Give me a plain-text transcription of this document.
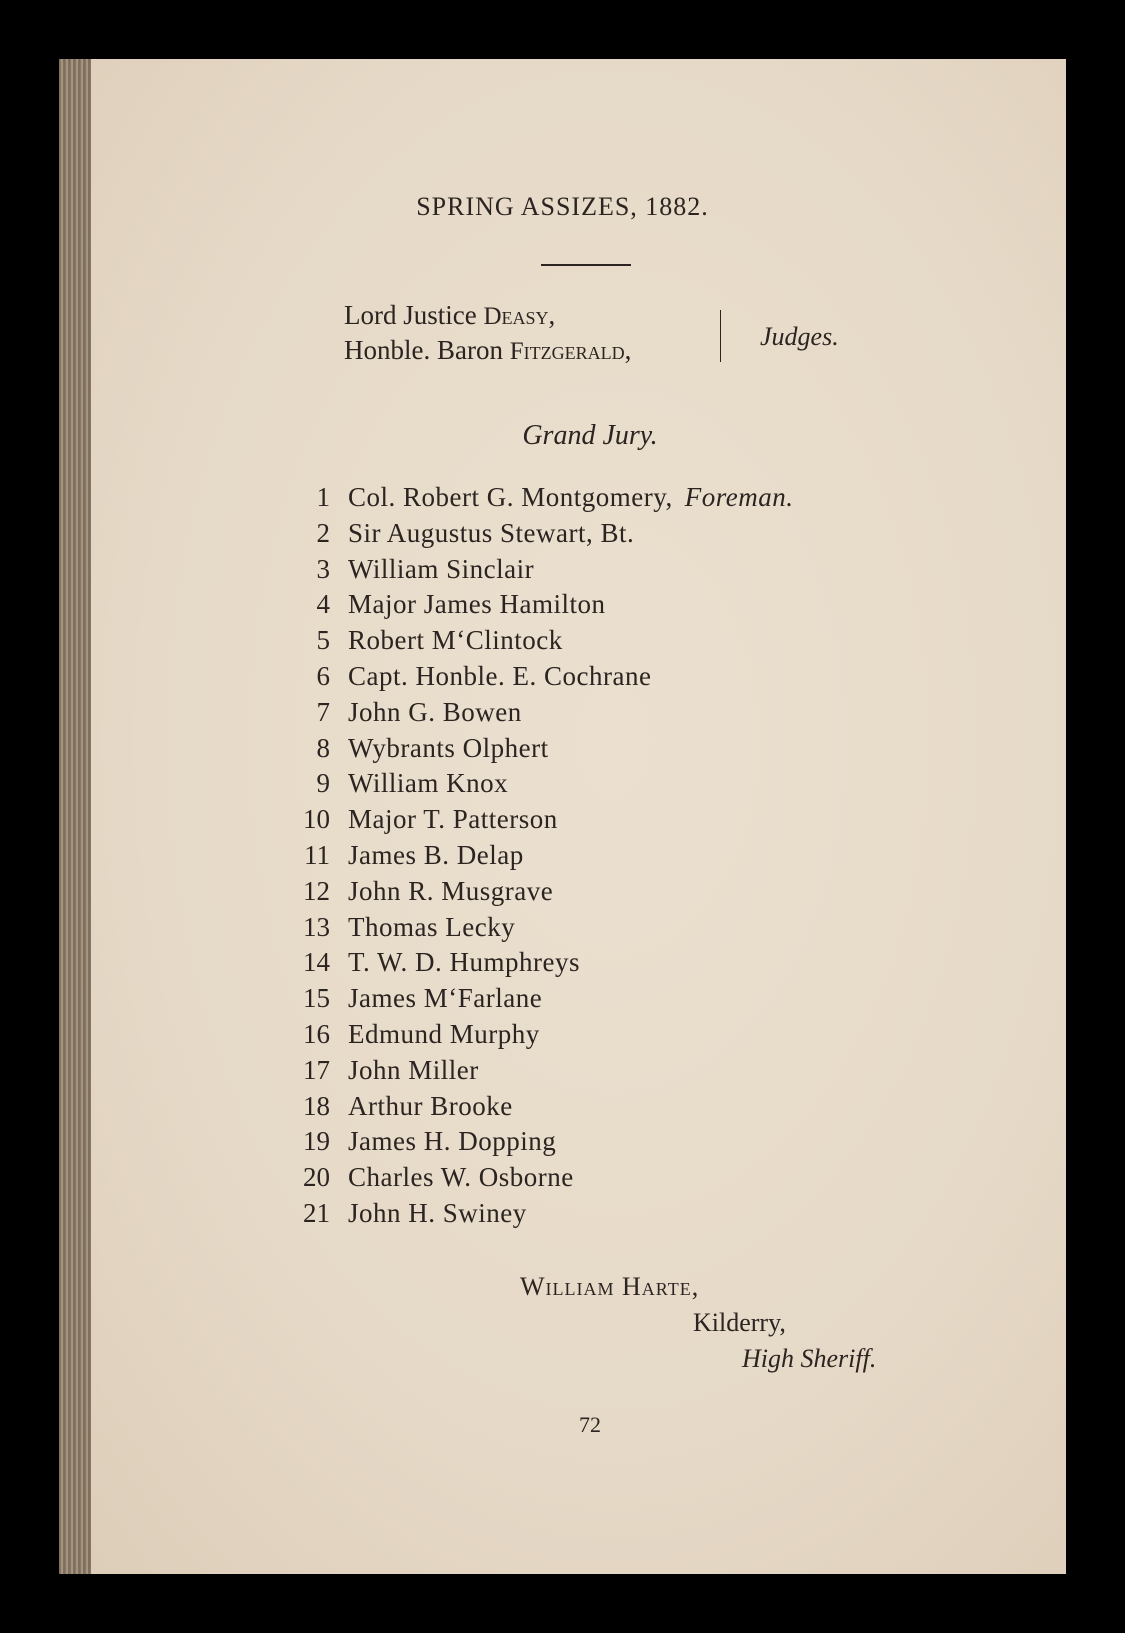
SPRING ASSIZES, 1882.
Lord Justice Deasy,
Honble. Baron Fitzgerald,	Judges.
Grand Jury.
1 Col. Robert G. Montgomery, Foreman.
2 Sir Augustus Stewart, Bt.
3 William Sinclair
4 Major James Hamilton
5 Robert M‘Clintock
6 Capt. Honble. E. Cochrane
7 John G. Bowen
8 Wybrants Olphert
9 William Knox
10 Major T. Patterson
11 James B. Delap
12 John R. Musgrave
13 Thomas Lecky
14 T. W. D. Humphreys
15 James M‘Farlane
16 Edmund Murphy
17 John Miller
18 Arthur Brooke
19 James H. Dopping
20 Charles W. Osborne
21 John H. Swiney
William Harte,
Kilderry,
High Sheriff.
72
